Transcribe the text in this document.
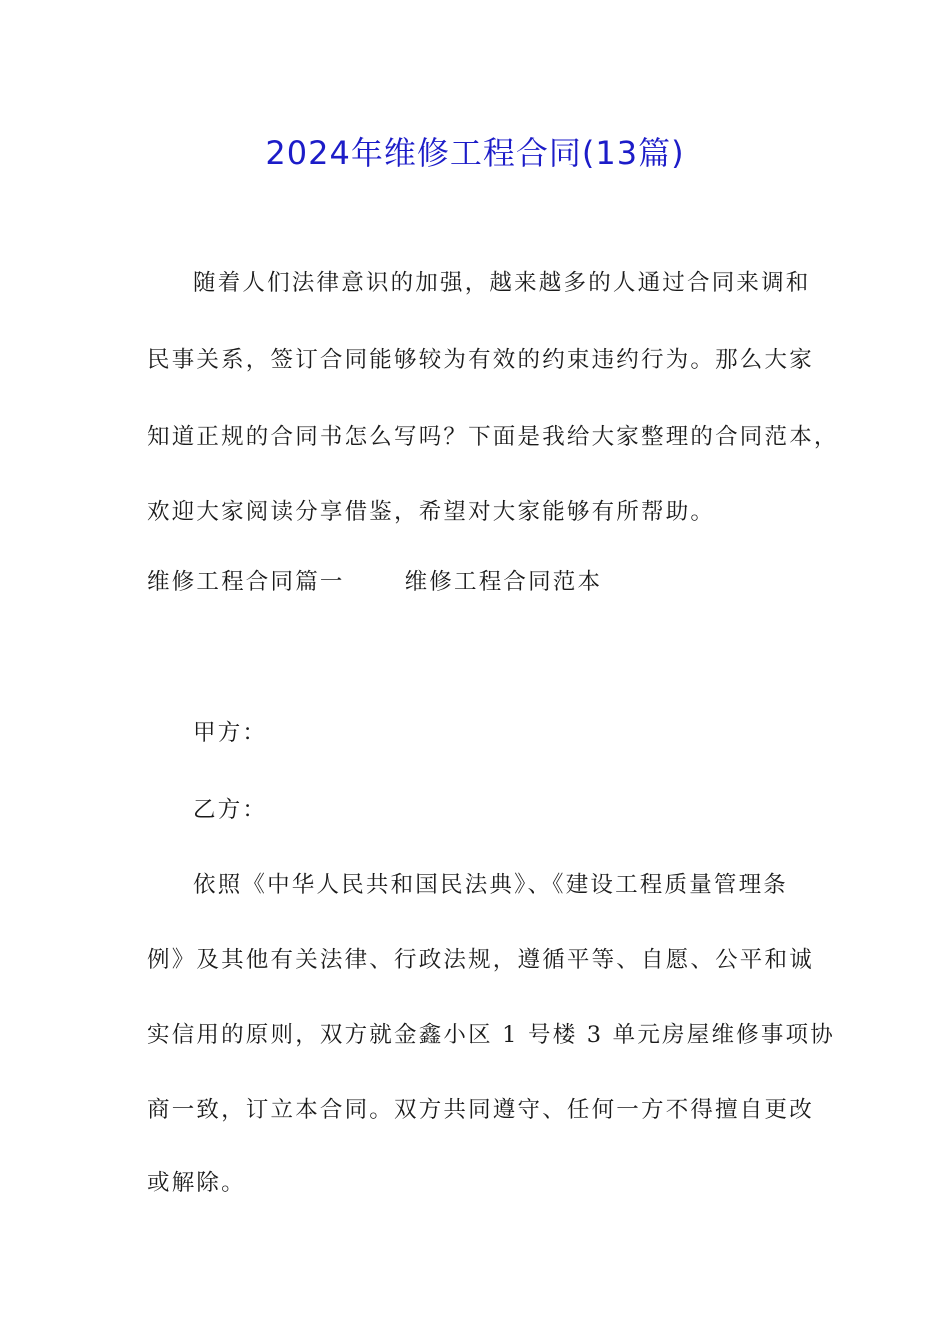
2024年维修工程合同(13篇)
随着人们法律意识的加强，越来越多的人通过合同来调和
民事关系，签订合同能够较为有效的约束违约行为。那么大家
知道正规的合同书怎么写吗？下面是我给大家整理的合同范本，
欢迎大家阅读分享借鉴，希望对大家能够有所帮助。
维修工程合同篇一	维修工程合同范本
甲方：
乙方：
依照《中华人民共和国民法典》、《建设工程质量管理条
例》及其他有关法律、行政法规，遵循平等、自愿、公平和诚
实信用的原则，双方就金鑫小区 1 号楼 3 单元房屋维修事项协
商一致，订立本合同。双方共同遵守、任何一方不得擅自更改
或解除。
